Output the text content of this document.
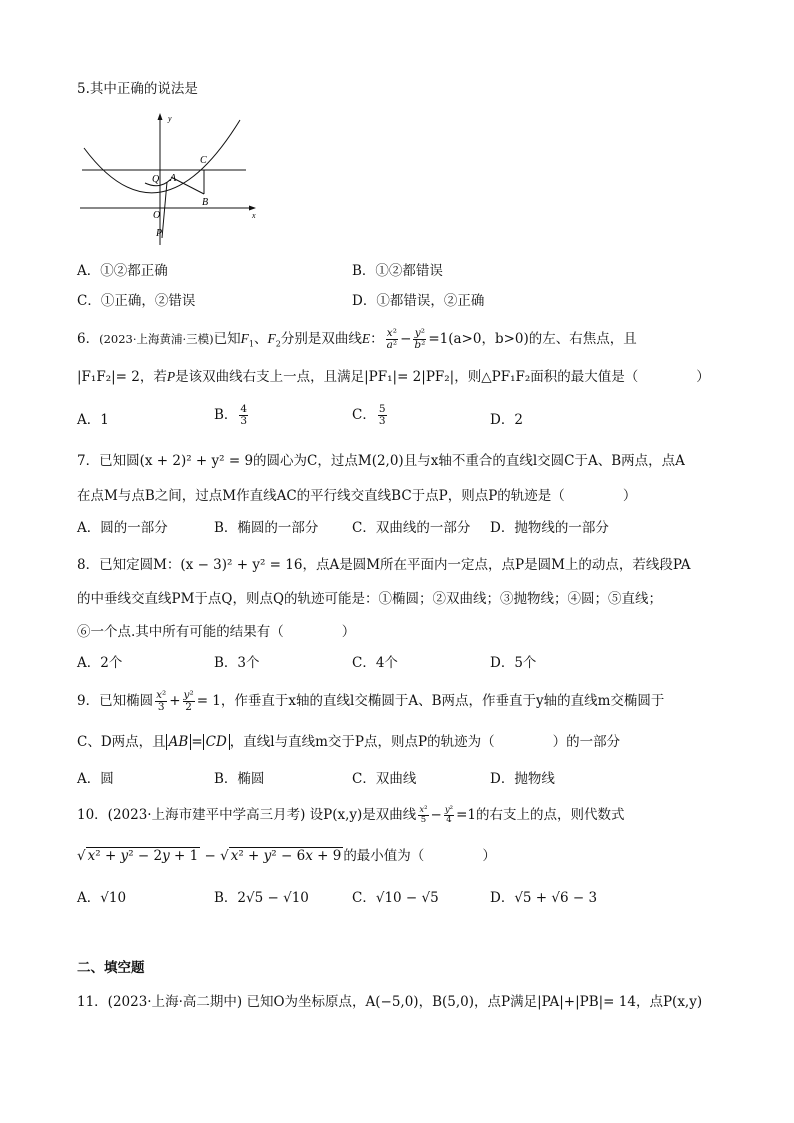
5.其中正确的说法是
y
x
C
Q A
B
O
P
A．①②都正确	B．①②都错误
C．①正确，②错误	D．①都错误，②正确
6．(2023·上海黄浦·三模)已知$F_1$、$F_2$分别是双曲线E： $\frac{\text{x²}}{\text{a²}} - \frac{\text{y²}}{\text{b²}} =1(a>0$，b>0)的左、右焦点，且
|F₁F₂|= 2，若P是该双曲线右支上一点，且满足|PF₁|= 2|PF₂|，则△PF₁F₂面积的最大值是（	）
A．1	B． $\frac{4}{3}$	C． $\frac{5}{3}$	D．2
7．已知圆(x + 2)² + y² = 9的圆心为C，过点M(2,0)且与x轴不重合的直线l交圆C于A、B两点，点A
在点M与点B之间，过点M作直线AC的平行线交直线BC于点P，则点P的轨迹是（	）
A．圆的一部分	B．椭圆的一部分 C．双曲线的一部分 D．抛物线的一部分
8．已知定圆M：(x − 3)² + y² = 16，点A是圆M所在平面内一定点，点P是圆M上的动点，若线段PA
的中垂线交直线PM于点Q，则点Q的轨迹可能是：①椭圆；②双曲线；③抛物线；④圆；⑤直线；
⑥一个点.其中所有可能的结果有（	）
A．2个	B．3个	C．4个	D．5个
9．已知椭圆 $\frac{\text{x²}}{3} + \frac{\text{y²}}{2} = 1$，作垂直于x轴的直线l交椭圆于A、B两点，作垂直于y轴的直线m交椭圆于
C、D两点，且 AB = CD ，直线l与直线m交于P点，则点P的轨迹为（	）的一部分
A．圆	B．椭圆	C．双曲线	D．抛物线
10．(2023·上海市建平中学高三月考) 设P(x,y)是双曲线 $\frac{\text{x²}}{5} - \frac{\text{y²}}{4} =1$的右支上的点，则代数式
√ x² + y² − 2y + 1 − √ x² + y² − 6x + 9 的最小值为（	）
A．√10	B．2√5 − √10	C．√10 − √5	D．√5 + √6 − 3
二、填空题
11．(2023·上海·高二期中) 已知O为坐标原点，A(−5,0)，B(5,0)，点P满足|PA|+|PB|= 14，点P(x,y)
